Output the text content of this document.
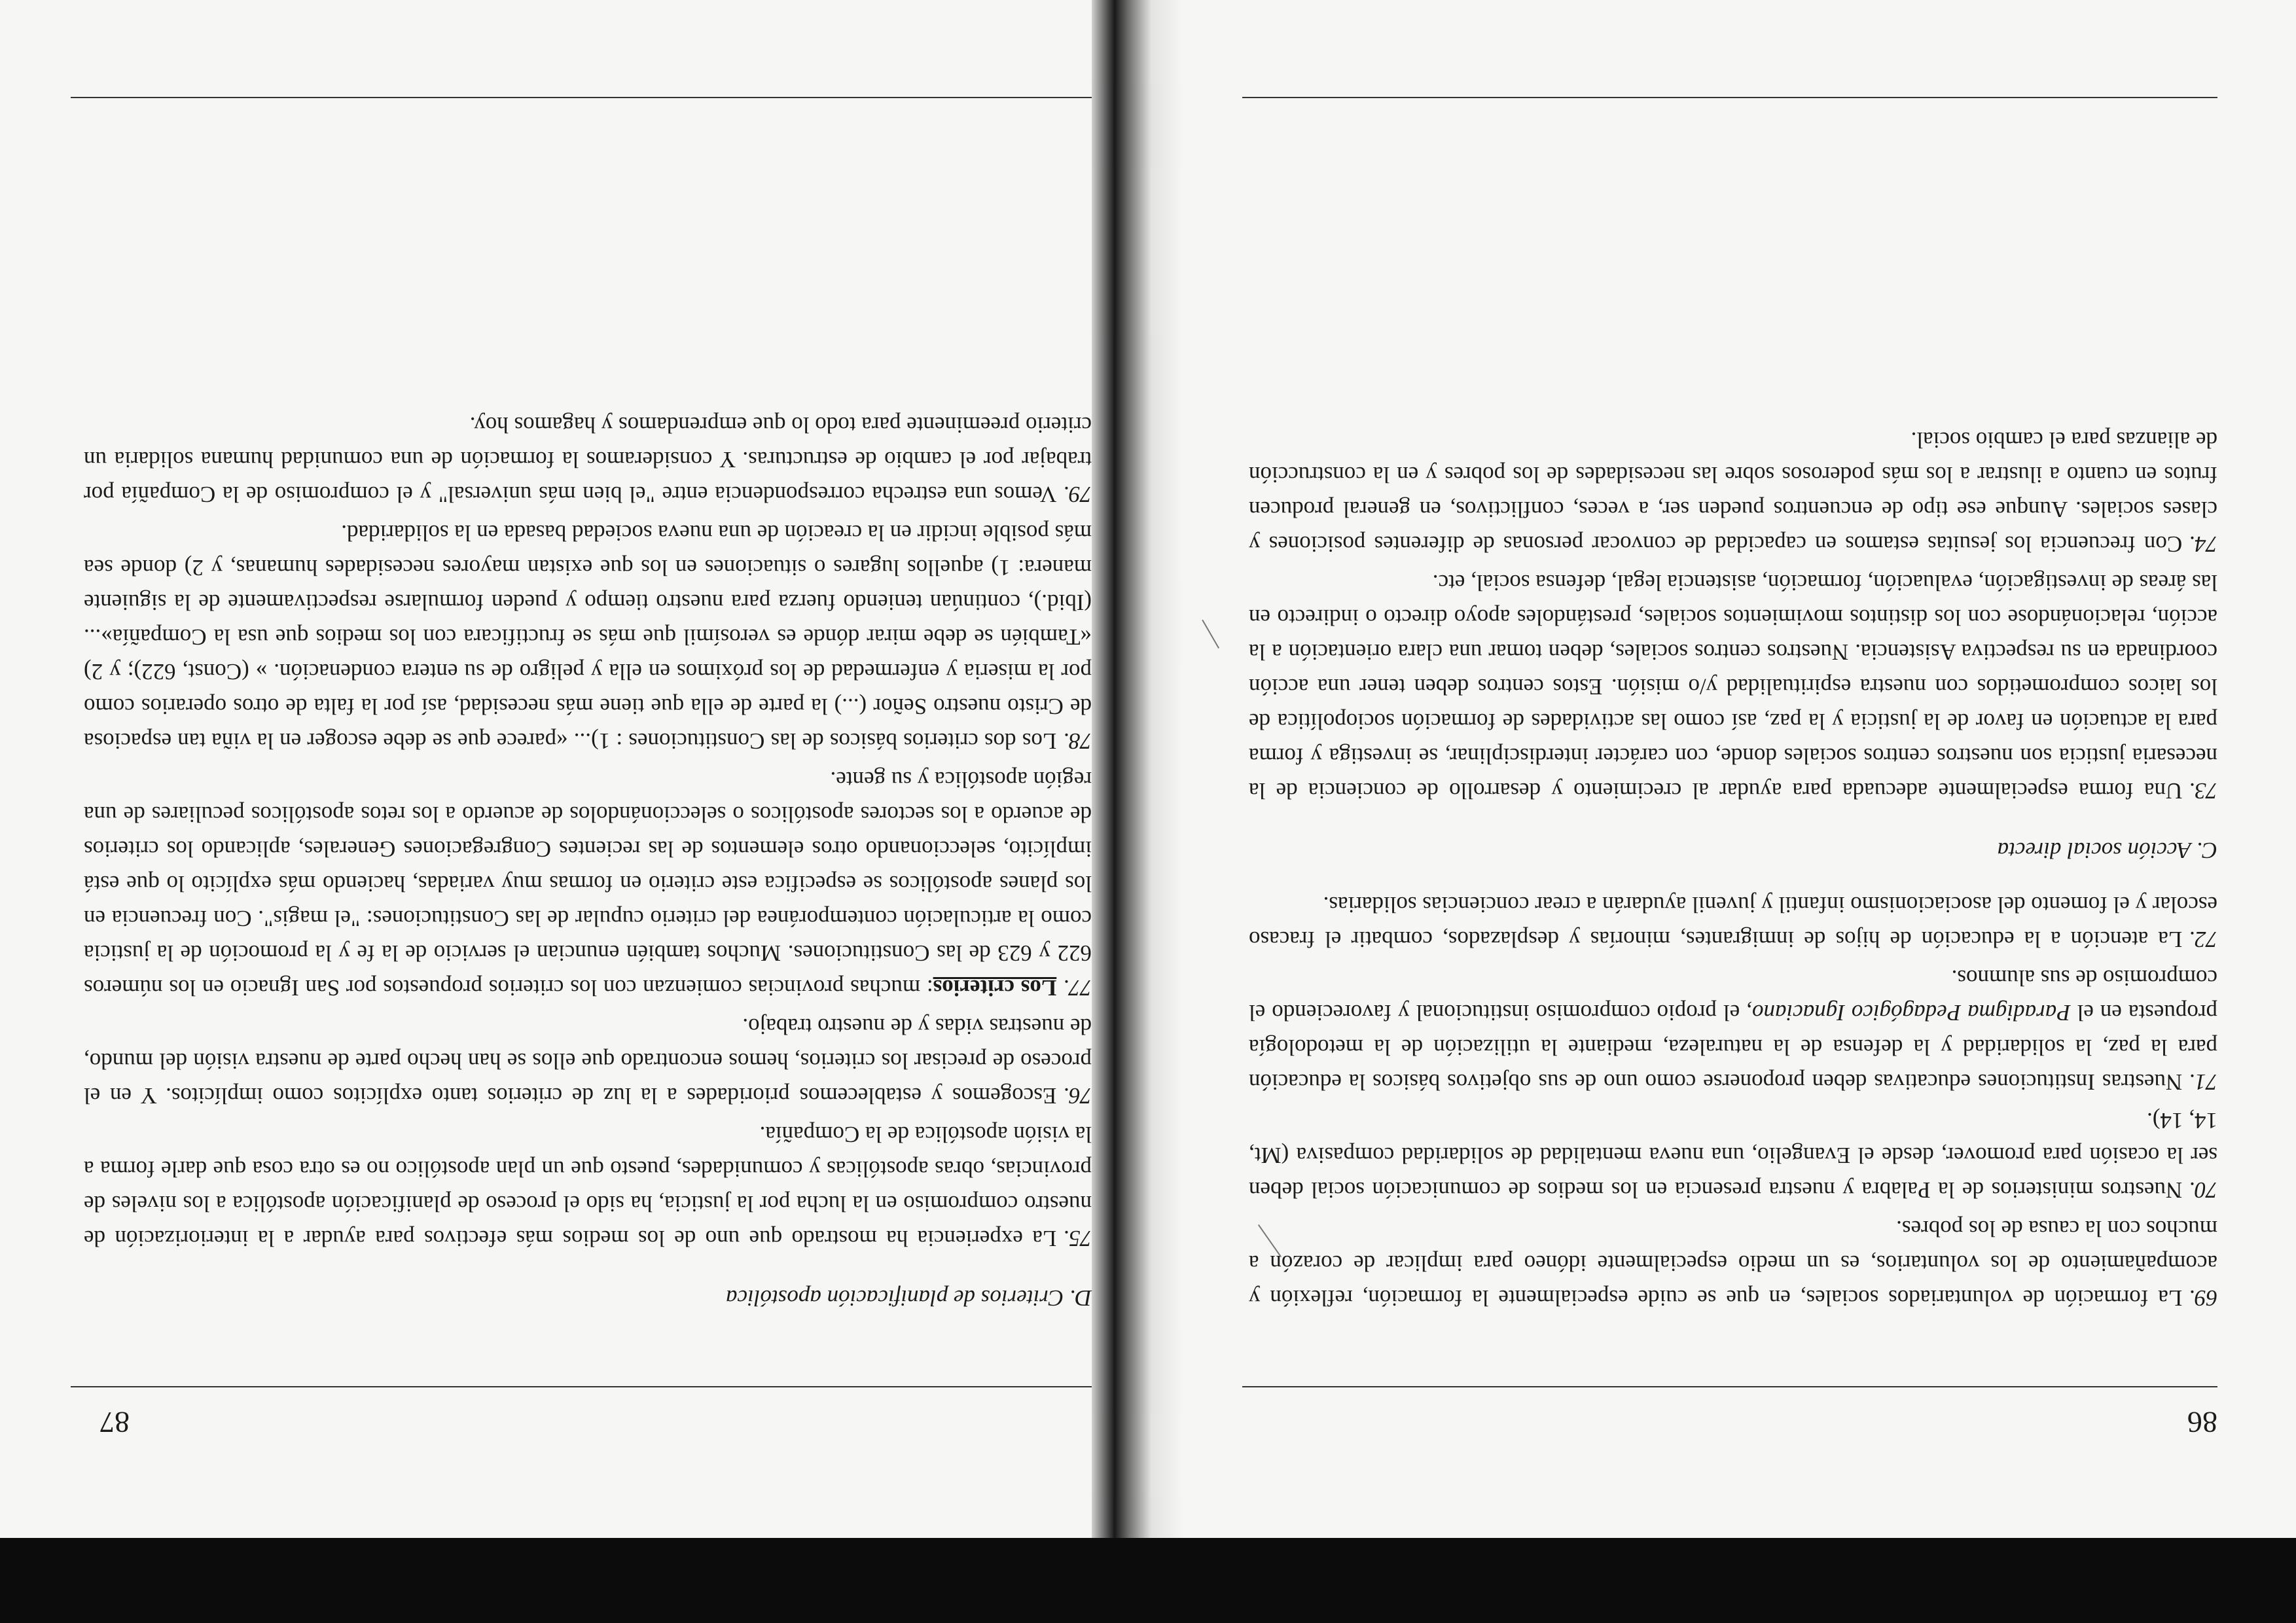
86

69.La formación de voluntariados sociales, en que se cuide especialmente la formación, reflexión y acompañamiento de los voluntarios, es un medio especialmente idóneo para implicar de corazón a muchos con la causa de los pobres.

70.Nuestros ministerios de la Palabra y nuestra presencia en los medios de comunicación social deben ser la ocasión para promover, desde el Evangelio, una nueva mentalidad de solidaridad compasiva (Mt, 14, 14).

71.Nuestras Instituciones educativas deben proponerse como uno de sus objetivos básicos la educación para la paz, la solidaridad y la defensa de la naturaleza, mediante la utilización de la metodología propuesta en el Paradigma Pedagógico Ignaciano, el propio compromiso institucional y favoreciendo el compromiso de sus alumnos.

72.La atención a la educación de hijos de inmigrantes, minorías y desplazados, combatir el fracaso escolar y el fomento del asociacionismo infantil y juvenil ayudarán a crear conciencias solidarias.

C. Acción social directa

73.Una forma especialmente adecuada para ayudar al crecimiento y desarrollo de conciencia de la necesaria justicia son nuestros centros sociales donde, con carácter interdisciplinar, se investiga y forma para la actuación en favor de la justicia y la paz, así como las actividades de formación sociopolítica de los laicos comprometidos con nuestra espiritualidad y/o misión. Estos centros deben tener una acción coordinada en su respectiva Asistencia. Nuestros centros sociales, deben tomar una clara orientación a la acción, relacionándose con los distintos movimientos sociales, prestándoles apoyo directo o indirecto en las áreas de investigación, evaluación, formación, asistencia legal, defensa social, etc.

74.Con frecuencia los jesuitas estamos en capacidad de convocar personas de diferentes posiciones y clases sociales. Aunque ese tipo de encuentros pueden ser, a veces, conflictivos, en general producen frutos en cuanto a ilustrar a los más poderosos sobre las necesidades de los pobres y en la construcción de alianzas para el cambio social.

87

D. Criterios de planificación apostólica

75.La experiencia ha mostrado que uno de los medios más efectivos para ayudar a la interiorización de nuestro compromiso en la lucha por la justicia, ha sido el proceso de planificación apostólica a los niveles de provincias, obras apostólicas y comunidades, puesto que un plan apostólico no es otra cosa que darle forma a la visión apostólica de la Compañía.

76.Escogemos y establecemos prioridades a la luz de criterios tanto explícitos como implícitos. Y en el proceso de precisar los criterios, hemos encontrado que ellos se han hecho parte de nuestra visión del mundo, de nuestras vidas y de nuestro trabajo.

77.Los criterios: muchas provincias comienzan con los criterios propuestos por San Ignacio en los números 622 y 623 de las Constituciones. Muchos también enuncian el servicio de la fe y la promoción de la justicia como la articulación contemporánea del criterio cupular de las Constituciones: "el magis". Con frecuencia en los planes apostólicos se especifica este criterio en formas muy variadas, haciendo más explícito lo que está implícito, seleccionando otros elementos de las recientes Congregaciones Generales, aplicando los criterios de acuerdo a los sectores apostólicos o seleccionándolos de acuerdo a los retos apostólicos peculiares de una región apostólica y su gente.

78.Los dos criterios básicos de las Constituciones : 1)... «parece que se debe escoger en la viña tan espaciosa de Cristo nuestro Señor (...) la parte de ella que tiene más necesidad, así por la falta de otros operarios como por la miseria y enfermedad de los próximos en ella y peligro de su entera condenación. » (Const, 622); y 2) «También se debe mirar dónde es verosímil que más se fructificara con los medios que usa la Compañía»... (Ibid.), continúan teniendo fuerza para nuestro tiempo y pueden formularse respectivamente de la siguiente manera: 1) aquellos lugares o situaciones en los que existan mayores necesidades humanas, y 2) donde sea más posible incidir en la creación de una nueva sociedad basada en la solidaridad.

79.Vemos una estrecha correspondencia entre "el bien más universal" y el compromiso de la Compañía por trabajar por el cambio de estructuras. Y consideramos la formación de una comunidad humana solidaria un criterio preeminente para todo lo que emprendamos y hagamos hoy.
